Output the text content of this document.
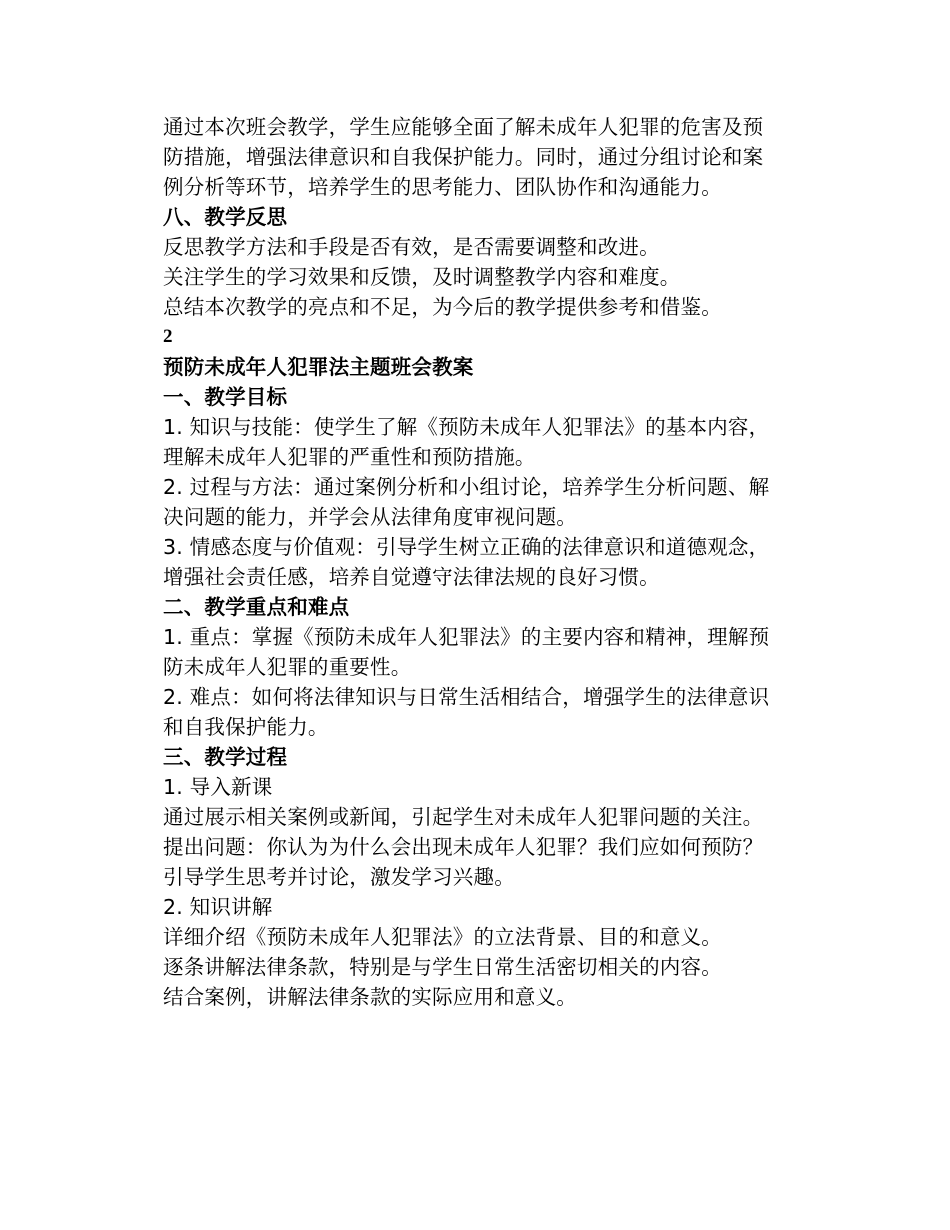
通过本次班会教学，学生应能够全面了解未成年人犯罪的危害及预防措施，增强法律意识和自我保护能力。同时，通过分组讨论和案例分析等环节，培养学生的思考能力、团队协作和沟通能力。

八、教学反思

反思教学方法和手段是否有效，是否需要调整和改进。

关注学生的学习效果和反馈，及时调整教学内容和难度。

总结本次教学的亮点和不足，为今后的教学提供参考和借鉴。

2

预防未成年人犯罪法主题班会教案

一、教学目标

1. 知识与技能：使学生了解《预防未成年人犯罪法》的基本内容，理解未成年人犯罪的严重性和预防措施。

2. 过程与方法：通过案例分析和小组讨论，培养学生分析问题、解决问题的能力，并学会从法律角度审视问题。

3. 情感态度与价值观：引导学生树立正确的法律意识和道德观念，增强社会责任感，培养自觉遵守法律法规的良好习惯。

二、教学重点和难点

1. 重点：掌握《预防未成年人犯罪法》的主要内容和精神，理解预防未成年人犯罪的重要性。

2. 难点：如何将法律知识与日常生活相结合，增强学生的法律意识和自我保护能力。

三、教学过程

1. 导入新课

通过展示相关案例或新闻，引起学生对未成年人犯罪问题的关注。

提出问题：你认为为什么会出现未成年人犯罪？我们应如何预防？

引导学生思考并讨论，激发学习兴趣。

2. 知识讲解

详细介绍《预防未成年人犯罪法》的立法背景、目的和意义。

逐条讲解法律条款，特别是与学生日常生活密切相关的内容。

结合案例，讲解法律条款的实际应用和意义。
